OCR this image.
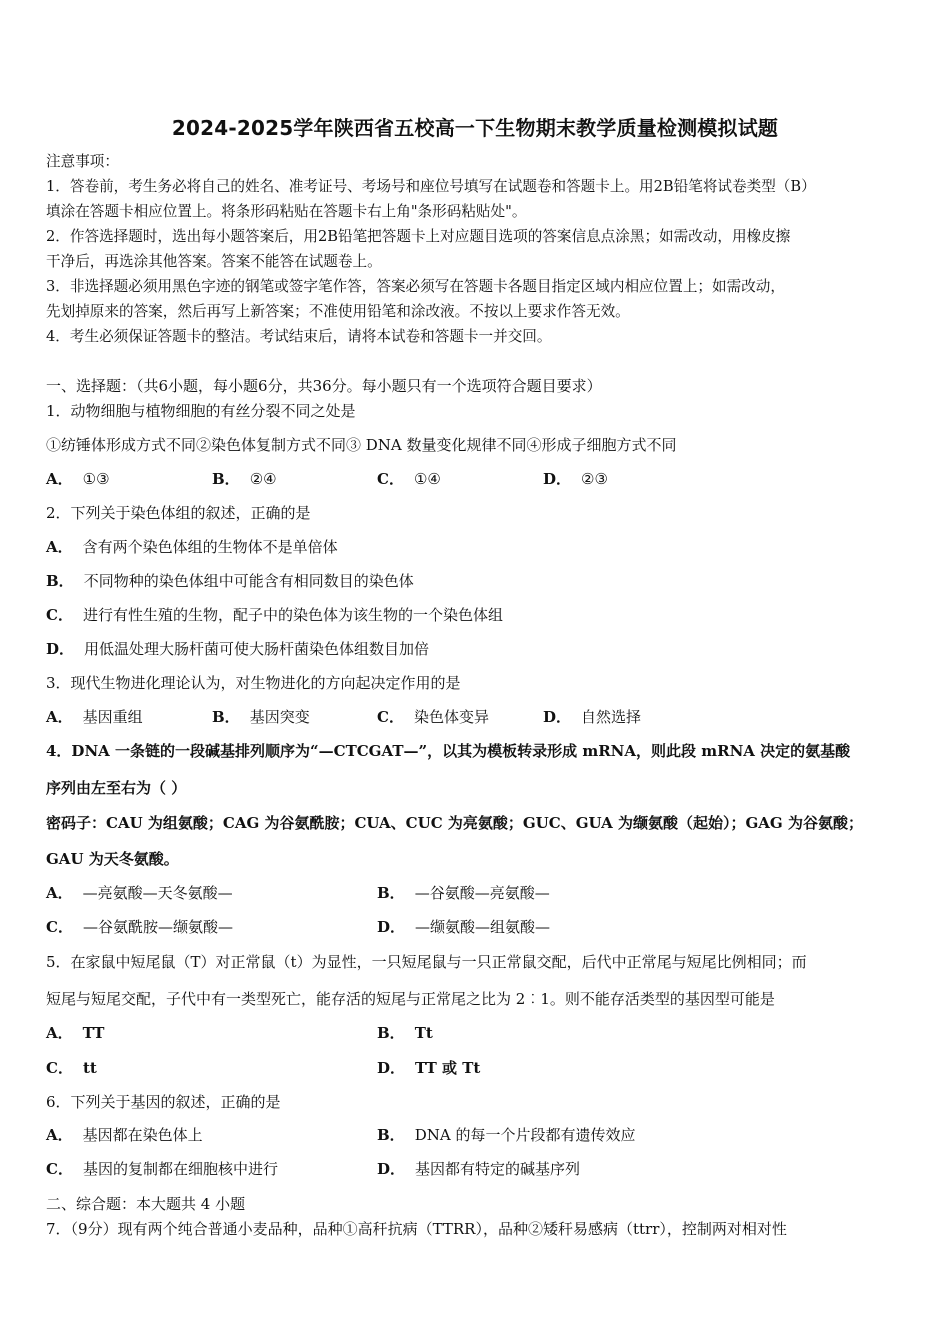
2024-2025学年陕西省五校高一下生物期末教学质量检测模拟试题
注意事项：
1．答卷前，考生务必将自己的姓名、准考证号、考场号和座位号填写在试题卷和答题卡上。用2B铅笔将试卷类型（B）
填涂在答题卡相应位置上。将条形码粘贴在答题卡右上角"条形码粘贴处"。
2．作答选择题时，选出每小题答案后，用2B铅笔把答题卡上对应题目选项的答案信息点涂黑；如需改动，用橡皮擦
干净后，再选涂其他答案。答案不能答在试题卷上。
3．非选择题必须用黑色字迹的钢笔或签字笔作答，答案必须写在答题卡各题目指定区域内相应位置上；如需改动，
先划掉原来的答案，然后再写上新答案；不准使用铅笔和涂改液。不按以上要求作答无效。
4．考生必须保证答题卡的整洁。考试结束后，请将本试卷和答题卡一并交回。
一、选择题：（共6小题，每小题6分，共36分。每小题只有一个选项符合题目要求）
1．动物细胞与植物细胞的有丝分裂不同之处是
①纺锤体形成方式不同②染色体复制方式不同③ DNA 数量变化规律不同④形成子细胞方式不同
A． ①③	B． ②④	C． ①④	D． ②③
2．下列关于染色体组的叙述，正确的是
A． 含有两个染色体组的生物体不是单倍体
B． 不同物种的染色体组中可能含有相同数目的染色体
C． 进行有性生殖的生物，配子中的染色体为该生物的一个染色体组
D． 用低温处理大肠杆菌可使大肠杆菌染色体组数目加倍
3．现代生物进化理论认为，对生物进化的方向起决定作用的是
A． 基因重组	B． 基因突变	C． 染色体变异	D． 自然选择
4．DNA 一条链的一段碱基排列顺序为“—CTCGAT—”，以其为模板转录形成 mRNA，则此段 mRNA 决定的氨基酸
序列由左至右为（ ）
密码子：CAU 为组氨酸；CAG 为谷氨酰胺；CUA、CUC 为亮氨酸；GUC、GUA 为缬氨酸（起始）；GAG 为谷氨酸；
GAU 为天冬氨酸。
A． —亮氨酸—天冬氨酸—	B． —谷氨酸—亮氨酸—
C． —谷氨酰胺—缬氨酸—	D． —缬氨酸—组氨酸—
5．在家鼠中短尾鼠（T）对正常鼠（t）为显性，一只短尾鼠与一只正常鼠交配，后代中正常尾与短尾比例相同；而
短尾与短尾交配，子代中有一类型死亡，能存活的短尾与正常尾之比为 2︰1。则不能存活类型的基因型可能是
A． TT	B． Tt
C． tt	D． TT 或 Tt
6．下列关于基因的叙述，正确的是
A． 基因都在染色体上	B． DNA 的每一个片段都有遗传效应
C． 基因的复制都在细胞核中进行	D． 基因都有特定的碱基序列
二、综合题：本大题共 4 小题
7．（9分）现有两个纯合普通小麦品种，品种①高秆抗病（TTRR），品种②矮秆易感病（ttrr），控制两对相对性
